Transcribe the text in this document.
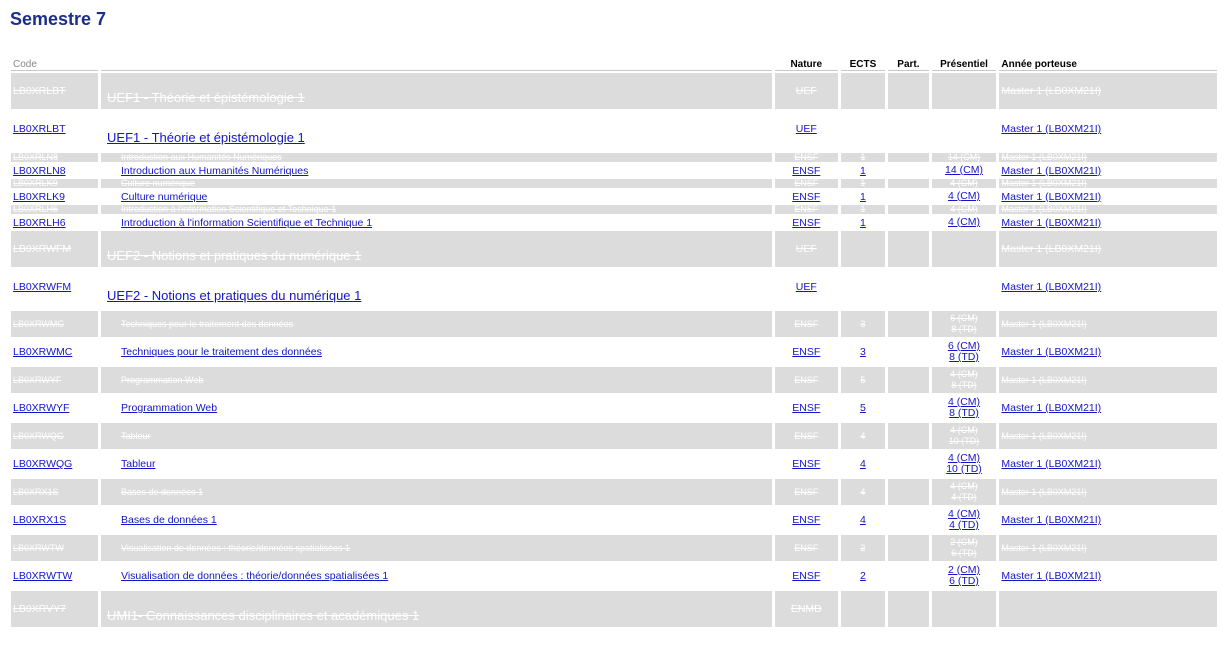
Semestre 7
Code		Nature	ECTS	Part.	Présentiel	Année porteuse
LB0XRLBT	UEF1 - Théorie et épistémologie 1	UEF				Master 1 (LB0XM21I)
LB0XRLBT	UEF1 - Théorie et épistémologie 1	UEF				Master 1 (LB0XM21I)
LB0XRLN8	Introduction aux Humanités Numériques	ENSF	1		14 (CM)	Master 1 (LB0XM21I)
LB0XRLN8	Introduction aux Humanités Numériques	ENSF	1		14 (CM)	Master 1 (LB0XM21I)
LB0XRLK9	Culture numérique	ENSF	1		4 (CM)	Master 1 (LB0XM21I)
LB0XRLK9	Culture numérique	ENSF	1		4 (CM)	Master 1 (LB0XM21I)
LB0XRLH6	Introduction à l'information Scientifique et Technique 1	ENSF	1		4 (CM)	Master 1 (LB0XM21I)
LB0XRLH6	Introduction à l'information Scientifique et Technique 1	ENSF	1		4 (CM)	Master 1 (LB0XM21I)
LB0XRWFM	UEF2 - Notions et pratiques du numérique 1	UEF				Master 1 (LB0XM21I)
LB0XRWFM	UEF2 - Notions et pratiques du numérique 1	UEF				Master 1 (LB0XM21I)
LB0XRWMC	Techniques pour le traitement des données	ENSF	3		6 (CM)
8 (TD)	Master 1 (LB0XM21I)
LB0XRWMC	Techniques pour le traitement des données	ENSF	3		6 (CM)
8 (TD)	Master 1 (LB0XM21I)
LB0XRWYF	Programmation Web	ENSF	5		4 (CM)
8 (TD)	Master 1 (LB0XM21I)
LB0XRWYF	Programmation Web	ENSF	5		4 (CM)
8 (TD)	Master 1 (LB0XM21I)
LB0XRWQG	Tableur	ENSF	4		4 (CM)
10 (TD)	Master 1 (LB0XM21I)
LB0XRWQG	Tableur	ENSF	4		4 (CM)
10 (TD)	Master 1 (LB0XM21I)
LB0XRX1S	Bases de données 1	ENSF	4		4 (CM)
4 (TD)	Master 1 (LB0XM21I)
LB0XRX1S	Bases de données 1	ENSF	4		4 (CM)
4 (TD)	Master 1 (LB0XM21I)
LB0XRWTW	Visualisation de données : théorie/données spatialisées 1	ENSF	2		2 (CM)
6 (TD)	Master 1 (LB0XM21I)
LB0XRWTW	Visualisation de données : théorie/données spatialisées 1	ENSF	2		2 (CM)
6 (TD)	Master 1 (LB0XM21I)
LB0XRVY7	UMI1- Connaissances disciplinaires et académiques 1	ENMD				
